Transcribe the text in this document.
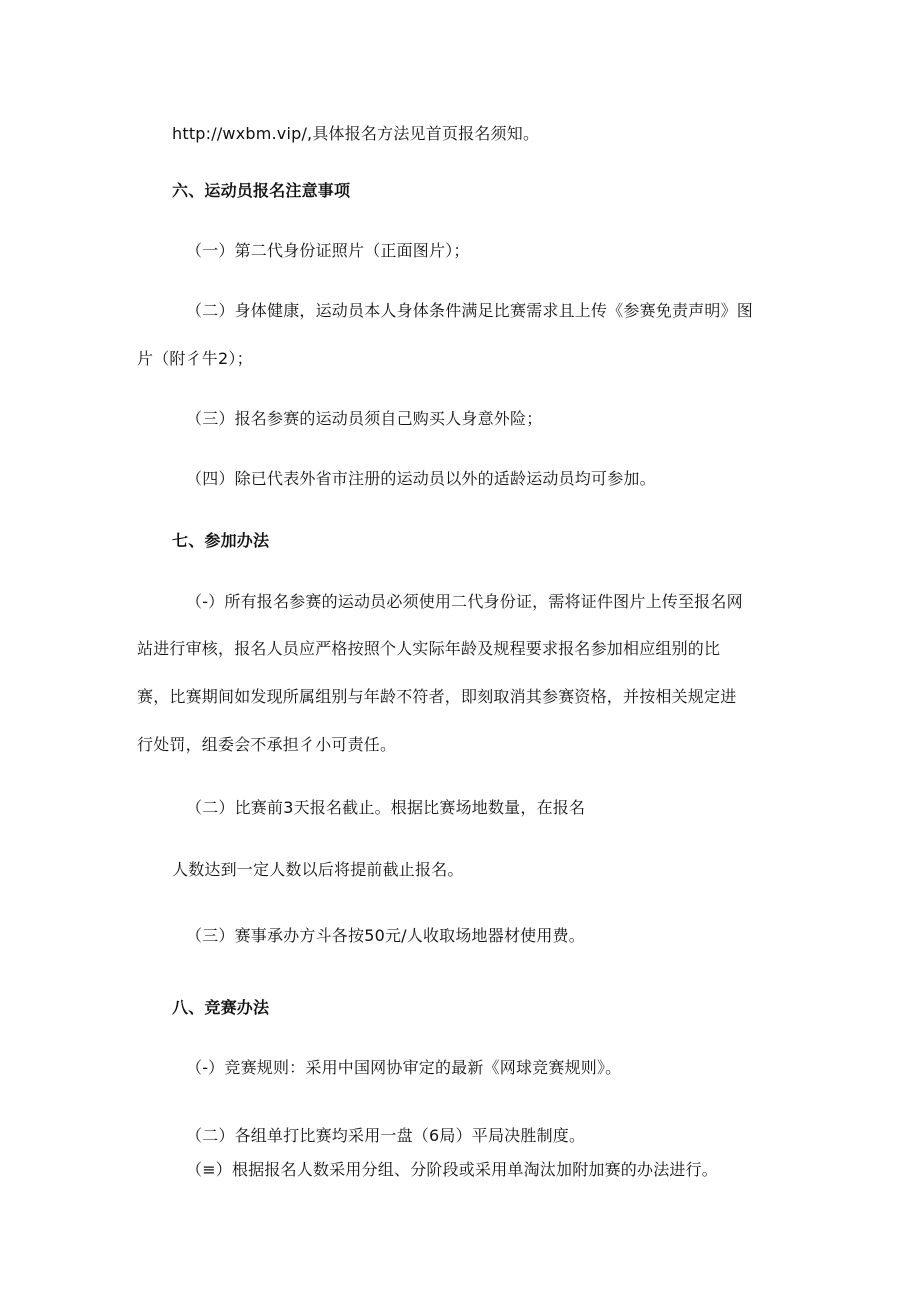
http://wxbm.vip/,具体报名方法见首页报名须知。
六、运动员报名注意事项
（一）第二代身份证照片（正面图片）；
（二）身体健康，运动员本人身体条件满足比赛需求且上传《参赛免责声明》图
片（附彳牛2）；
（三）报名参赛的运动员须自己购买人身意外险；
（四）除已代表外省市注册的运动员以外的适龄运动员均可参加。
七、参加办法
（-）所有报名参赛的运动员必须使用二代身份证，需将证件图片上传至报名网
站进行审核，报名人员应严格按照个人实际年龄及规程要求报名参加相应组别的比
赛，比赛期间如发现所属组别与年龄不符者，即刻取消其参赛资格，并按相关规定进
行处罚，组委会不承担彳小可责任。
（二）比赛前3天报名截止。根据比赛场地数量，在报名
人数达到一定人数以后将提前截止报名。
（三）赛事承办方斗各按50元/人收取场地器材使用费。
八、竞赛办法
（-）竞赛规则：采用中国网协审定的最新《网球竞赛规则》。
（二）各组单打比赛均采用一盘（6局）平局决胜制度。
（≡）根据报名人数采用分组、分阶段或采用单淘汰加附加赛的办法进行。
